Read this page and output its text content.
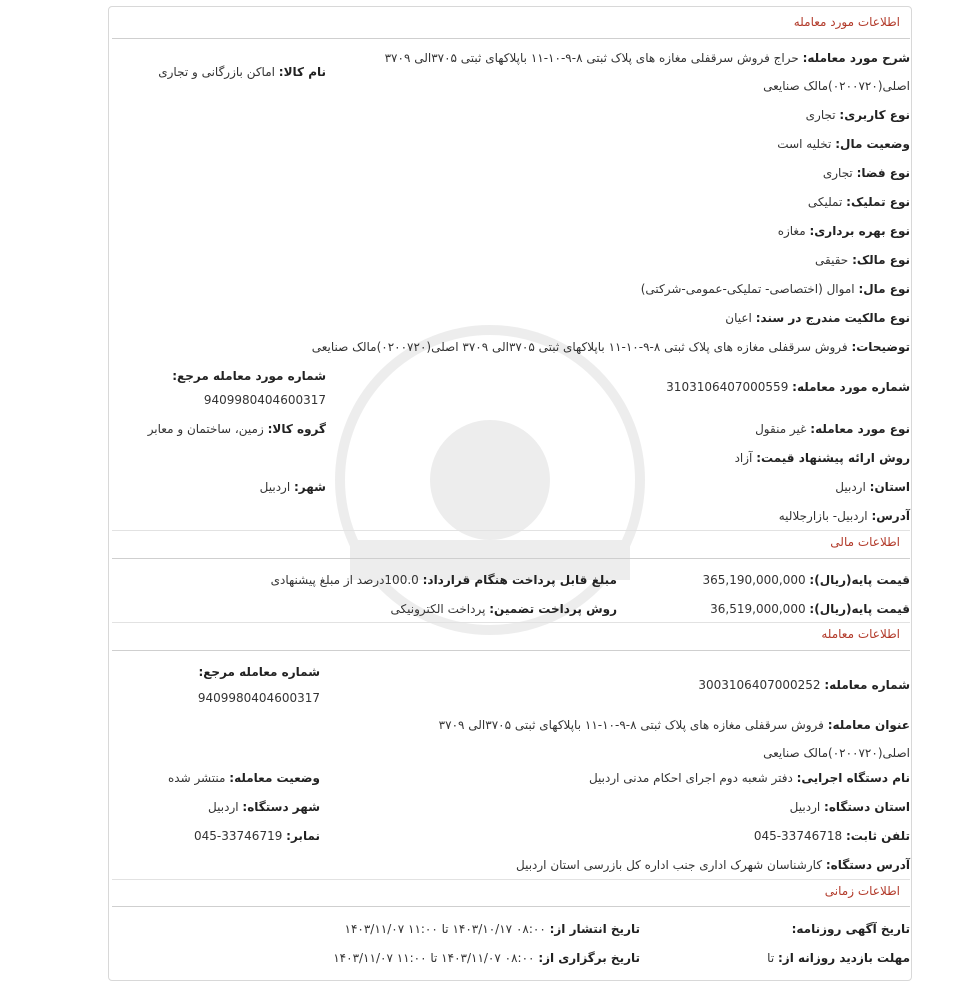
اطلاعات مورد معامله
شرح مورد معامله: حراج فروش سرقفلی مغازه های پلاک ثبتی ۸-۹-۱۰-۱۱ باپلاکهای ثبتی ۳۷۰۵الی ۳۷۰۹ اصلی(۰۲۰۰۷۲۰)مالک صنایعی
نام کالا: اماکن بازرگانی و تجاری
نوع کاربری: تجاری
وضعیت مال: تخلیه است
نوع فضا: تجاری
نوع تملیک: تملیکی
نوع بهره برداری: مغازه
نوع مالک: حقیقی
نوع مال: اموال (اختصاصی- تملیکی-عمومی-شرکتی)
نوع مالکیت مندرج در سند: اعیان
توضیحات: فروش سرقفلی مغازه های پلاک ثبتی ۸-۹-۱۰-۱۱ باپلاکهای ثبتی ۳۷۰۵الی ۳۷۰۹ اصلی(۰۲۰۰۷۲۰)مالک صنایعی
شماره مورد معامله: 3103106407000559
شماره مورد معامله مرجع:
9409980404600317
نوع مورد معامله: غیر منقول
گروه کالا: زمین، ساختمان و معابر
روش ارائه پیشنهاد قیمت: آزاد
استان: اردبیل
شهر: اردبیل
آدرس: اردبیل- بازارجلالیه
اطلاعات مالی
قیمت پایه(ریال): 365,190,000,000
مبلغ قابل پرداخت هنگام قرارداد: 100.0درصد از مبلغ پیشنهادی
قیمت پایه(ریال): 36,519,000,000
روش پرداخت تضمین: پرداخت الکترونیکی
اطلاعات معامله
شماره معامله: 3003106407000252
شماره معامله مرجع:
9409980404600317
عنوان معامله: فروش سرقفلی مغازه های پلاک ثبتی ۸-۹-۱۰-۱۱ باپلاکهای ثبتی ۳۷۰۵الی ۳۷۰۹ اصلی(۰۲۰۰۷۲۰)مالک صنایعی
نام دستگاه اجرایی: دفتر شعبه دوم اجرای احکام مدنی اردبیل
وضعیت معامله: منتشر شده
استان دستگاه: اردبیل
شهر دستگاه: اردبیل
تلفن ثابت: 045-33746718
نمابر: 045-33746719
آدرس دستگاه: کارشناسان شهرک اداری جنب اداره کل بازرسی استان اردبیل
اطلاعات زمانی
تاریخ آگهی روزنامه:
تاریخ انتشار از: ۰۸:۰۰ ۱۴۰۳/۱۰/۱۷ تا ۱۱:۰۰ ۱۴۰۳/۱۱/۰۷
مهلت بازدید روزانه از: تا
تاریخ برگزاری از: ۰۸:۰۰ ۱۴۰۳/۱۱/۰۷ تا ۱۱:۰۰ ۱۴۰۳/۱۱/۰۷
